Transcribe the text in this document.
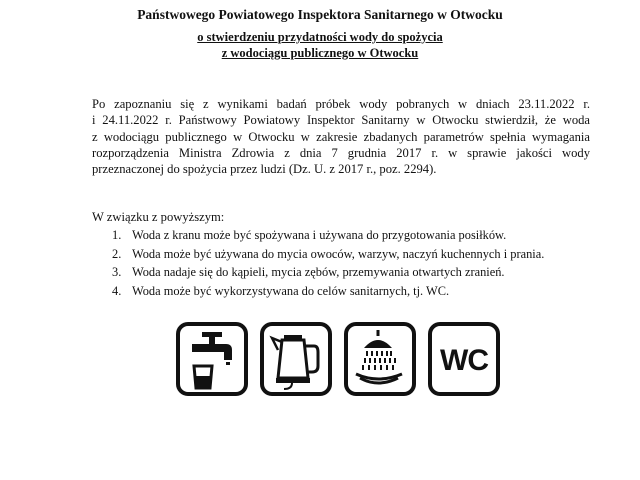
Państwowego Powiatowego Inspektora Sanitarnego w Otwocku
o stwierdzeniu przydatności wody do spożycia
z wodociągu publicznego w Otwocku
Po zapoznaniu się z wynikami badań próbek wody pobranych w dniach 23.11.2022 r.
i 24.11.2022 r. Państwowy Powiatowy Inspektor Sanitarny w Otwocku stwierdził, że woda
z wodociągu publicznego w Otwocku w zakresie zbadanych parametrów spełnia wymagania
rozporządzenia Ministra Zdrowia z dnia 7 grudnia 2017 r. w sprawie jakości wody
przeznaczonej do spożycia przez ludzi (Dz. U. z 2017 r., poz. 2294).
W związku z powyższym:
1. Woda z kranu może być spożywana i używana do przygotowania posiłków.
2. Woda może być używana do mycia owoców, warzyw, naczyń kuchennych i prania.
3. Woda nadaje się do kąpieli, mycia zębów, przemywania otwartych zranień.
4. Woda może być wykorzystywana do celów sanitarnych, tj. WC.
WC
